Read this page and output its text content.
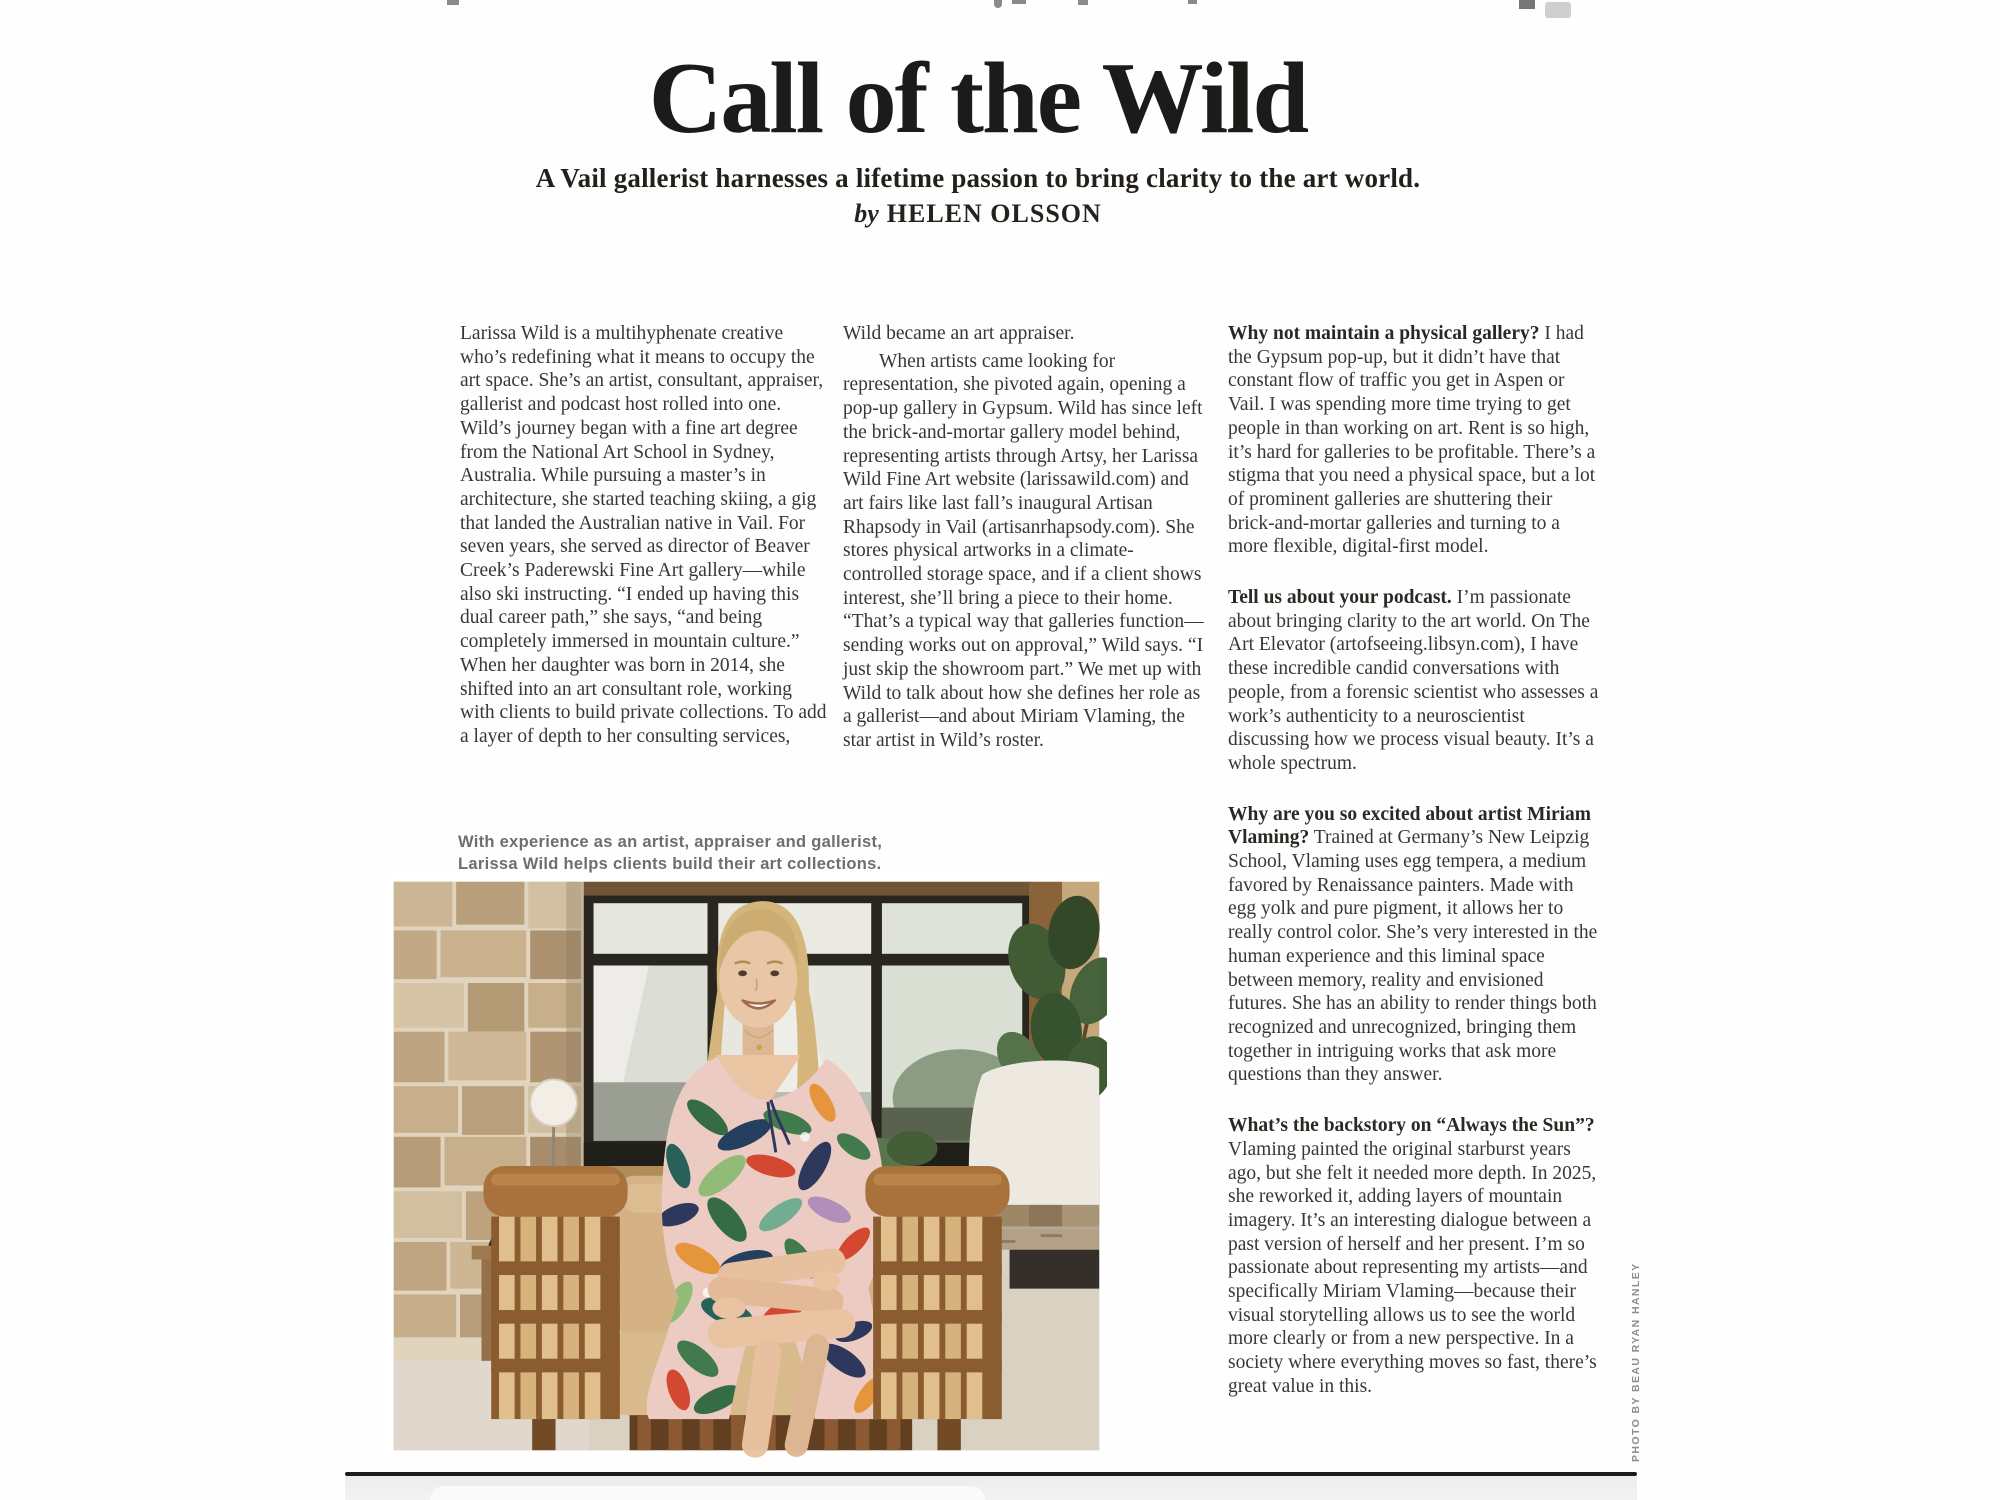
Call of the Wild
A Vail gallerist harnesses a lifetime passion to bring clarity to the art world.
by HELEN OLSSON

Larissa Wild is a multihyphenate creative who’s redefining what it means to occupy the art space. She’s an artist, consultant, appraiser, gallerist and podcast host rolled into one. Wild’s journey began with a fine art degree from the National Art School in Sydney, Australia. While pursuing a master’s in architecture, she started teaching skiing, a gig that landed the Australian native in Vail. For seven years, she served as director of Beaver Creek’s Paderewski Fine Art gallery—while also ski instructing. “I ended up having this dual career path,” she says, “and being completely immersed in mountain culture.” When her daughter was born in 2014, she shifted into an art consultant role, working with clients to build private collections. To add a layer of depth to her consulting services,

Wild became an art appraiser.

When artists came looking for representation, she pivoted again, opening a pop-up gallery in Gypsum. Wild has since left the brick-and-mortar gallery model behind, representing artists through Artsy, her Larissa Wild Fine Art website (larissawild.com) and art fairs like last fall’s inaugural Artisan Rhapsody in Vail (artisanrhapsody.com). She stores physical artworks in a climate-controlled storage space, and if a client shows interest, she’ll bring a piece to their home. “That’s a typical way that galleries function—sending works out on approval,” Wild says. “I just skip the showroom part.” We met up with Wild to talk about how she defines her role as a gallerist—and about Miriam Vlaming, the star artist in Wild’s roster.

Why not maintain a physical gallery? I had the Gypsum pop-up, but it didn’t have that constant flow of traffic you get in Aspen or Vail. I was spending more time trying to get people in than working on art. Rent is so high, it’s hard for galleries to be profitable. There’s a stigma that you need a physical space, but a lot of prominent galleries are shuttering their brick-and-mortar galleries and turning to a more flexible, digital-first model.

Tell us about your podcast. I’m passionate about bringing clarity to the art world. On The Art Elevator (artofseeing.libsyn.com), I have these incredible candid conversations with people, from a forensic scientist who assesses a work’s authenticity to a neuroscientist discussing how we process visual beauty. It’s a whole spectrum.

Why are you so excited about artist Miriam Vlaming? Trained at Germany’s New Leipzig School, Vlaming uses egg tempera, a medium favored by Renaissance painters. Made with egg yolk and pure pigment, it allows her to really control color. She’s very interested in the human experience and this liminal space between memory, reality and envisioned futures. She has an ability to render things both recognized and unrecognized, bringing them together in intriguing works that ask more questions than they answer.

What’s the backstory on “Always the Sun”? Vlaming painted the original starburst years ago, but she felt it needed more depth. In 2025, she reworked it, adding layers of mountain imagery. It’s an interesting dialogue between a past version of herself and her present. I’m so passionate about representing my artists—and specifically Miriam Vlaming—because their visual storytelling allows us to see the world more clearly or from a new perspective. In a society where everything moves so fast, there’s great value in this.

With experience as an artist, appraiser and gallerist,
Larissa Wild helps clients build their art collections.
PHOTO BY BEAU RYAN HANLEY
